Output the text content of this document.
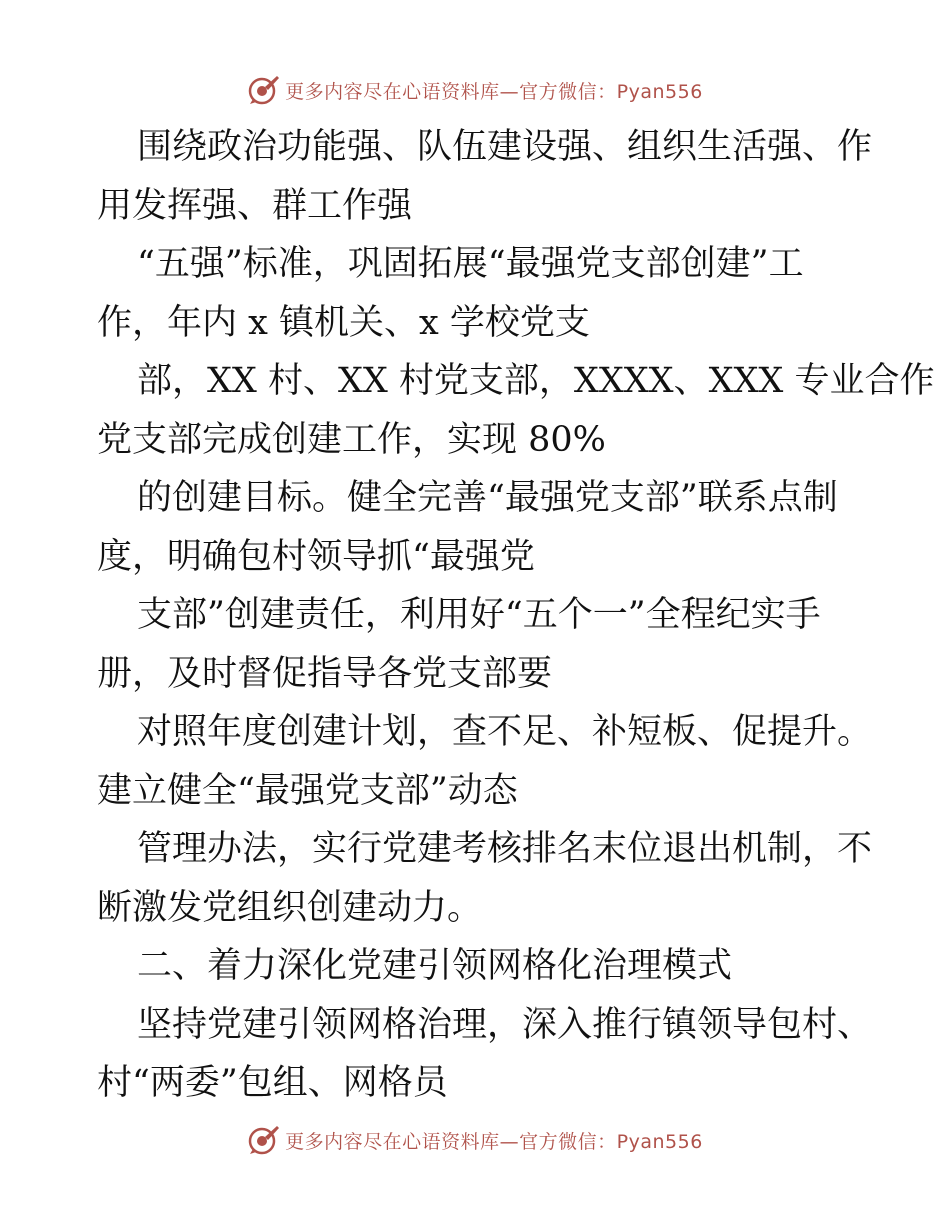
更多内容尽在心语资料库—官方微信：Pyan556
围绕政治功能强、队伍建设强、组织生活强、作
用发挥强、群工作强
“五强”标准，巩固拓展“最强党支部创建”工
作，年内 x 镇机关、x 学校党支
部，XX 村、XX 村党支部，XXXX、XXX 专业合作
党支部完成创建工作，实现 80%
的创建目标。健全完善“最强党支部”联系点制
度，明确包村领导抓“最强党
支部”创建责任，利用好“五个一”全程纪实手
册，及时督促指导各党支部要
对照年度创建计划，查不足、补短板、促提升。
建立健全“最强党支部”动态
管理办法，实行党建考核排名末位退出机制，不
断激发党组织创建动力。
二、着力深化党建引领网格化治理模式
坚持党建引领网格治理，深入推行镇领导包村、
村“两委”包组、网格员
更多内容尽在心语资料库—官方微信：Pyan556
